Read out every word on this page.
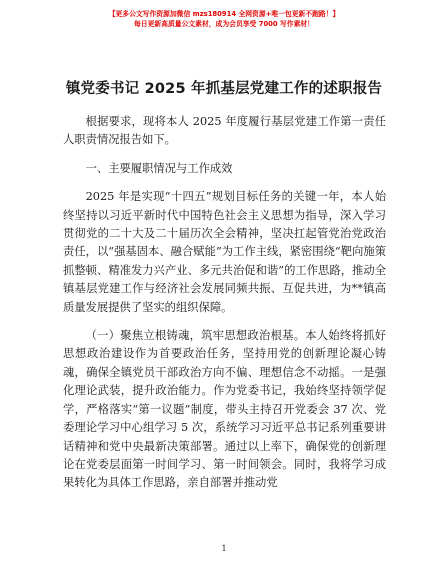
【更多公文写作资源加微信 mzs180914 全网资源+唯一包更新不跑路！】
每日更新高质量公文素材，成为会员享受 7000 写作素材！
镇党委书记 2025 年抓基层党建工作的述职报告

根据要求，现将本人 2025 年度履行基层党建工作第一责任人职责情况报告如下。

一、主要履职情况与工作成效

2025 年是实现“十四五”规划目标任务的关键一年，本人始终坚持以习近平新时代中国特色社会主义思想为指导，深入学习贯彻党的二十大及二十届历次全会精神，坚决扛起管党治党政治责任，以“强基固本、融合赋能”为工作主线，紧密围绕“靶向施策抓整顿、精准发力兴产业、多元共治促和谐”的工作思路，推动全镇基层党建工作与经济社会发展同频共振、互促共进，为**镇高质量发展提供了坚实的组织保障。

（一）聚焦立根铸魂，筑牢思想政治根基。本人始终将抓好思想政治建设作为首要政治任务，坚持用党的创新理论凝心铸魂，确保全镇党员干部政治方向不偏、理想信念不动摇。一是强化理论武装，提升政治能力。作为党委书记，我始终坚持领学促学，严格落实“第一议题”制度，带头主持召开党委会 37 次、党委理论学习中心组学习 5 次，系统学习习近平总书记系列重要讲话精神和党中央最新决策部署。通过以上率下，确保党的创新理论在党委层面第一时间学习、第一时间领会。同时，我将学习成果转化为具体工作思路，亲自部署并推动党

1
